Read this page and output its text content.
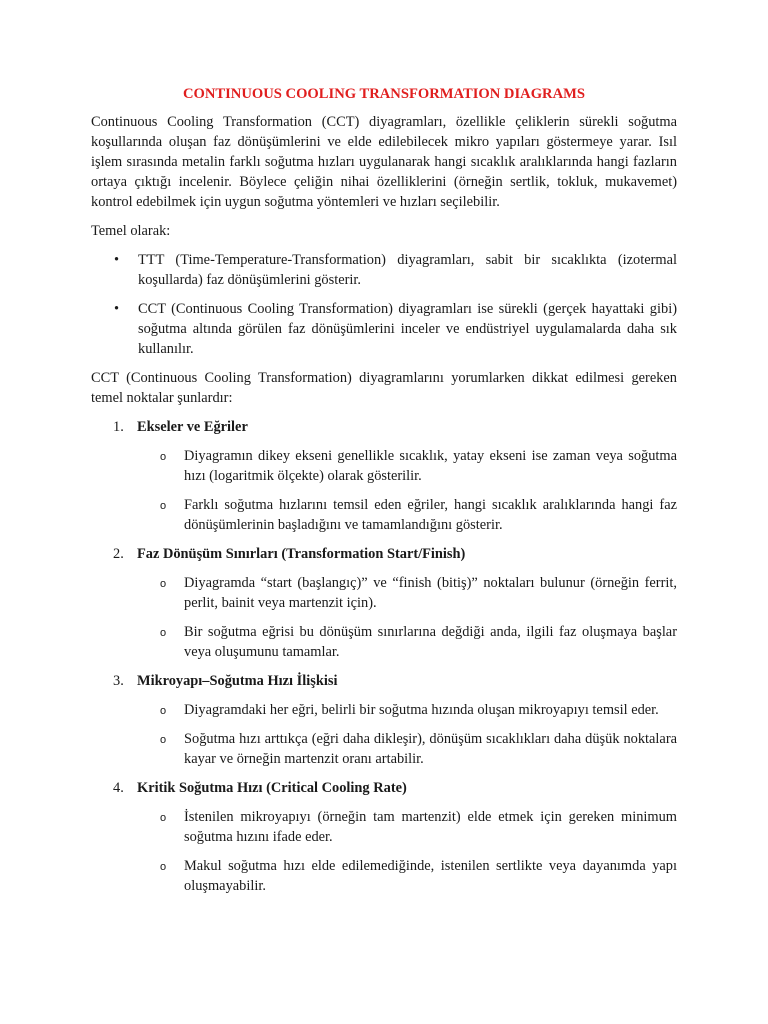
CONTINUOUS COOLING TRANSFORMATION DIAGRAMS

Continuous Cooling Transformation (CCT) diyagramları, özellikle çeliklerin sürekli soğutma koşullarında oluşan faz dönüşümlerini ve elde edilebilecek mikro yapıları göstermeye yarar. Isıl işlem sırasında metalin farklı soğutma hızları uygulanarak hangi sıcaklık aralıklarında hangi fazların ortaya çıktığı incelenir. Böylece çeliğin nihai özelliklerini (örneğin sertlik, tokluk, mukavemet) kontrol edebilmek için uygun soğutma yöntemleri ve hızları seçilebilir.

Temel olarak:

• TTT (Time-Temperature-Transformation) diyagramları, sabit bir sıcaklıkta (izotermal koşullarda) faz dönüşümlerini gösterir.
• CCT (Continuous Cooling Transformation) diyagramları ise sürekli (gerçek hayattaki gibi) soğutma altında görülen faz dönüşümlerini inceler ve endüstriyel uygulamalarda daha sık kullanılır.

CCT (Continuous Cooling Transformation) diyagramlarını yorumlarken dikkat edilmesi gereken temel noktalar şunlardır:

1. Ekseler ve Eğriler
o Diyagramın dikey ekseni genellikle sıcaklık, yatay ekseni ise zaman veya soğutma hızı (logaritmik ölçekte) olarak gösterilir.
o Farklı soğutma hızlarını temsil eden eğriler, hangi sıcaklık aralıklarında hangi faz dönüşümlerinin başladığını ve tamamlandığını gösterir.
2. Faz Dönüşüm Sınırları (Transformation Start/Finish)
o Diyagramda “start (başlangıç)” ve “finish (bitiş)” noktaları bulunur (örneğin ferrit, perlit, bainit veya martenzit için).
o Bir soğutma eğrisi bu dönüşüm sınırlarına değdiği anda, ilgili faz oluşmaya başlar veya oluşumunu tamamlar.
3. Mikroyapı–Soğutma Hızı İlişkisi
o Diyagramdaki her eğri, belirli bir soğutma hızında oluşan mikroyapıyı temsil eder.
o Soğutma hızı arttıkça (eğri daha dikleşir), dönüşüm sıcaklıkları daha düşük noktalara kayar ve örneğin martenzit oranı artabilir.
4. Kritik Soğutma Hızı (Critical Cooling Rate)
o İstenilen mikroyapıyı (örneğin tam martenzit) elde etmek için gereken minimum soğutma hızını ifade eder.
o Makul soğutma hızı elde edilemediğinde, istenilen sertlikte veya dayanımda yapı oluşmayabilir.
